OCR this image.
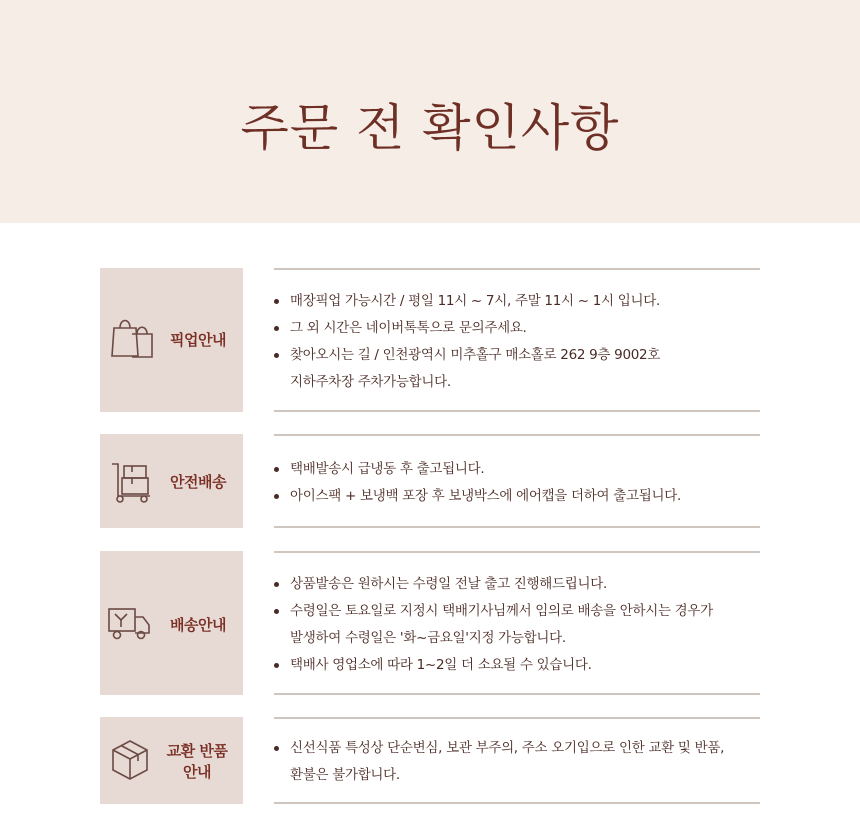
주문 전 확인사항
픽업안내
매장픽업 가능시간 / 평일 11시 ~ 7시, 주말 11시 ~ 1시 입니다.
그 외 시간은 네이버톡톡으로 문의주세요.
찾아오시는 길 / 인천광역시 미추홀구 매소홀로 262 9층 9002호
지하주차장 주차가능합니다.
안전배송
택배발송시 급냉동 후 출고됩니다.
아이스팩 + 보냉백 포장 후 보냉박스에 에어캡을 더하여 출고됩니다.
배송안내
상품발송은 원하시는 수령일 전날 출고 진행해드립니다.
수령일은 토요일로 지정시 택배기사님께서 임의로 배송을 안하시는 경우가
발생하여 수령일은 '화~금요일'지정 가능합니다.
택배사 영업소에 따라 1~2일 더 소요될 수 있습니다.
교환 반품
안내
신선식품 특성상 단순변심, 보관 부주의, 주소 오기입으로 인한 교환 및 반품,
환불은 불가합니다.
